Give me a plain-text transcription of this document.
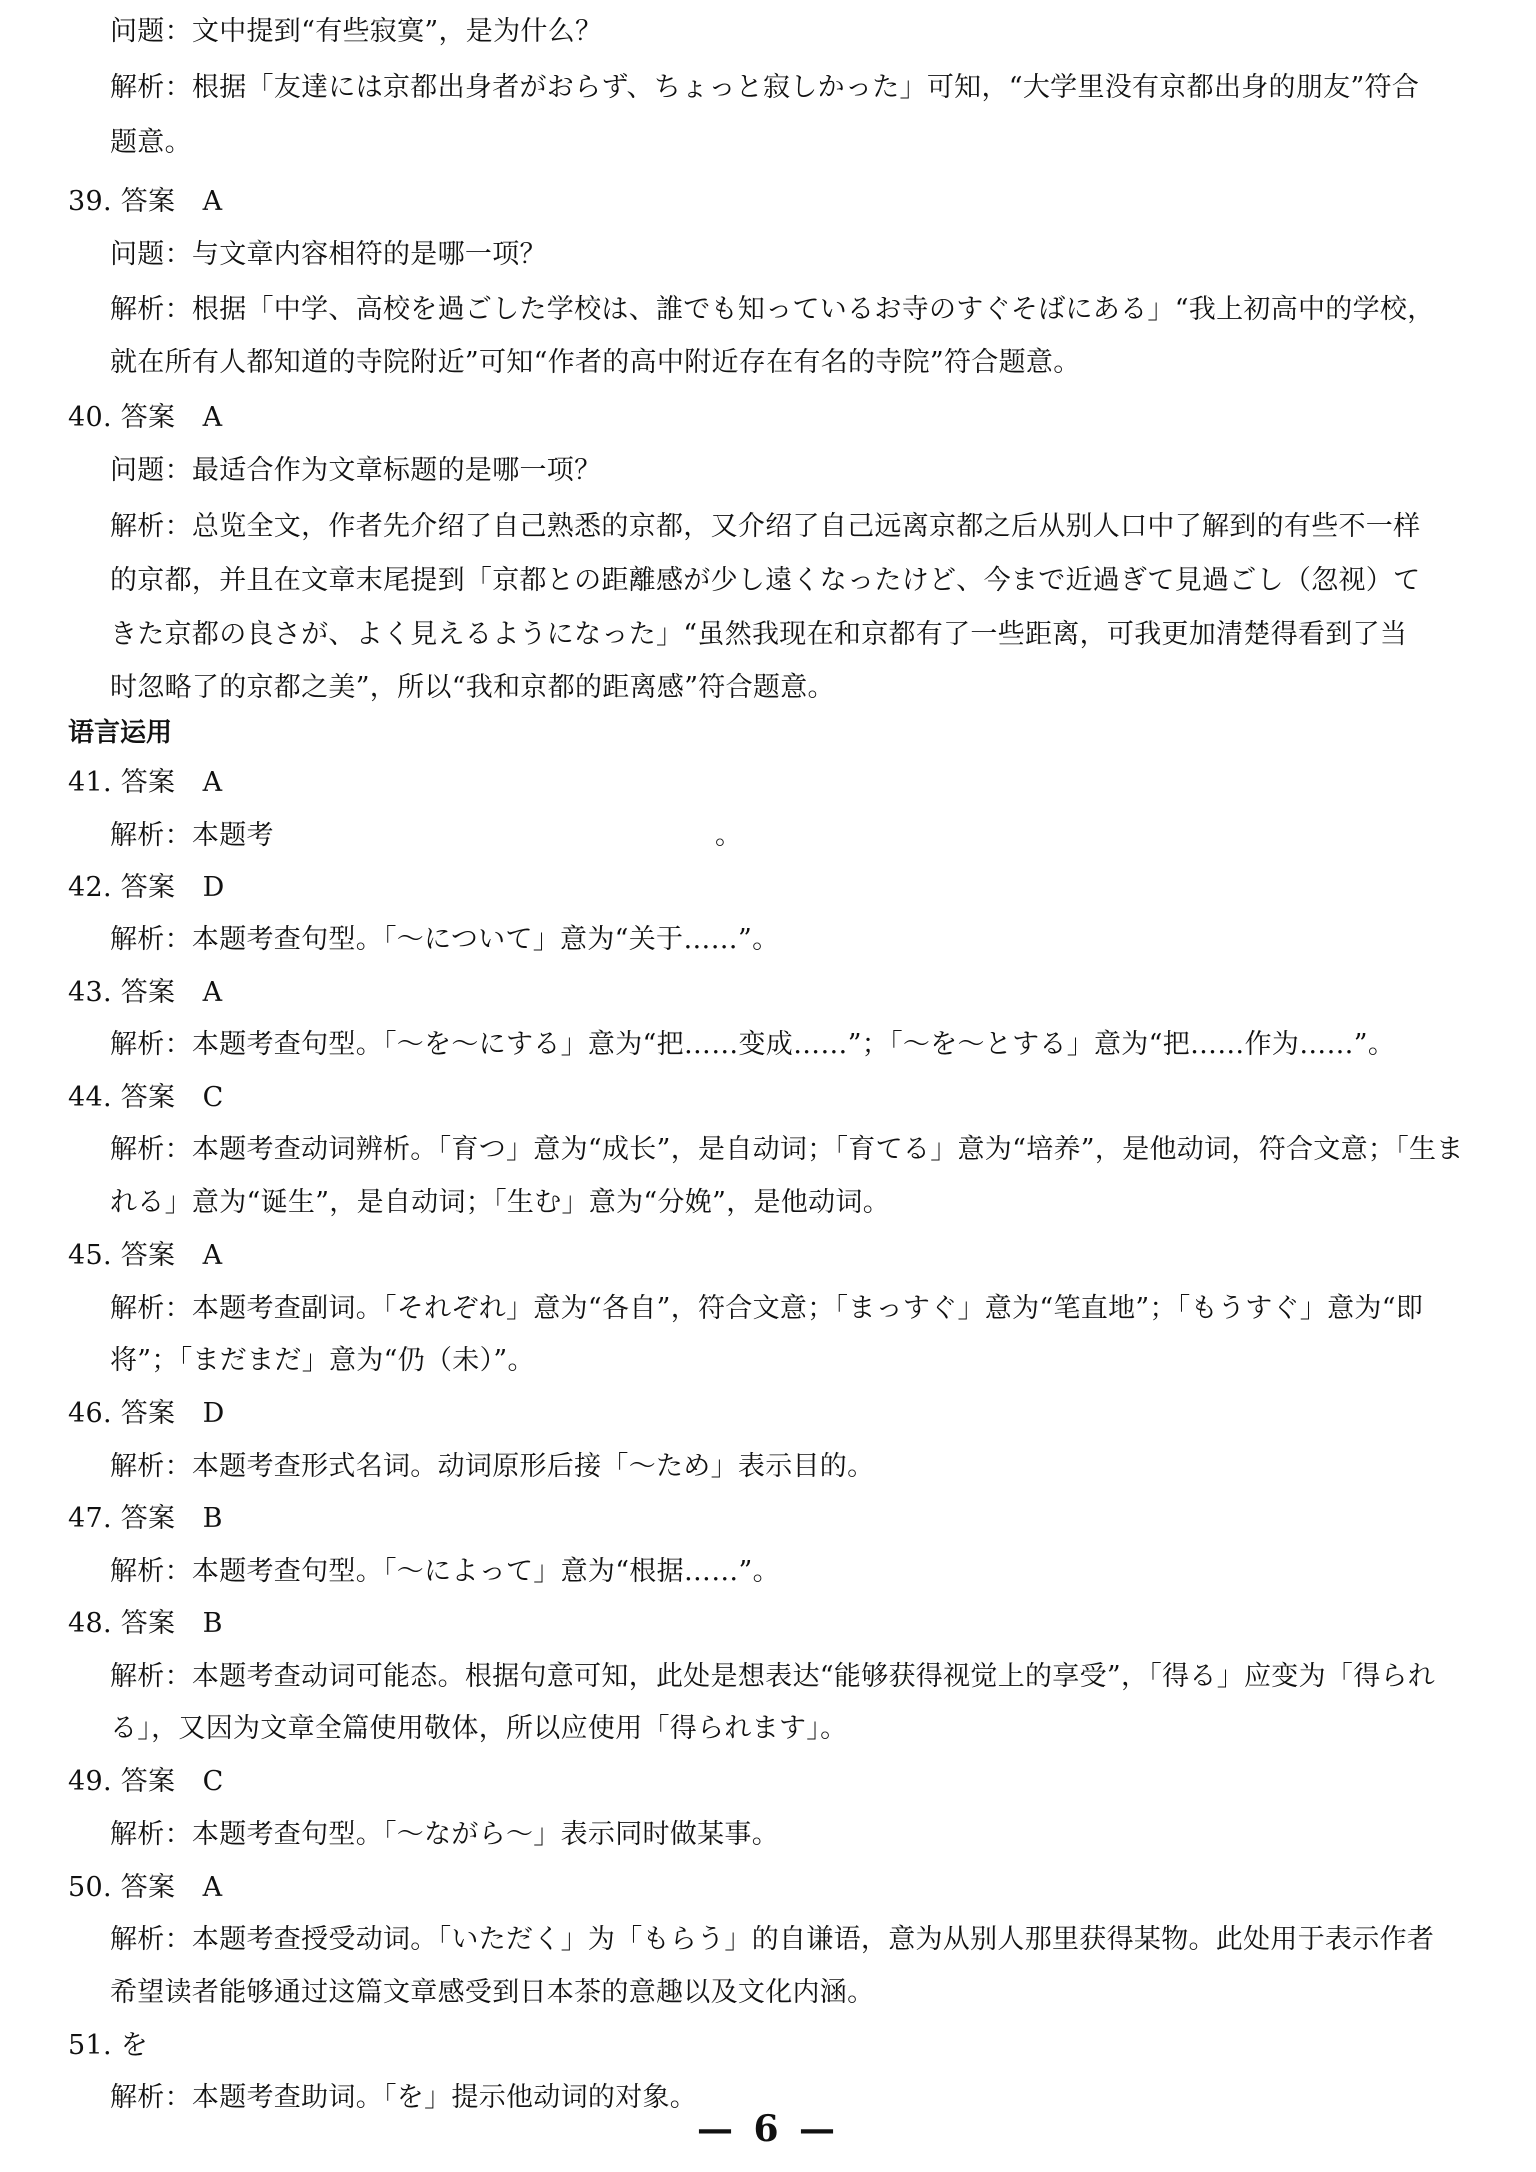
问题：文中提到“有些寂寞”，是为什么？
解析：根据「友達には京都出身者がおらず、ちょっと寂しかった」可知，“大学里没有京都出身的朋友”符合
题意。
39. 答案　A
问题：与文章内容相符的是哪一项？
解析：根据「中学、高校を過ごした学校は、誰でも知っているお寺のすぐそばにある」“我上初高中的学校，
就在所有人都知道的寺院附近”可知“作者的高中附近存在有名的寺院”符合题意。
40. 答案　A
问题：最适合作为文章标题的是哪一项？
解析：总览全文，作者先介绍了自己熟悉的京都，又介绍了自己远离京都之后从别人口中了解到的有些不一样
的京都，并且在文章末尾提到「京都との距離感が少し遠くなったけど、今まで近過ぎて見過ごし（忽视）て
きた京都の良さが、よく見えるようになった」“虽然我现在和京都有了一些距离，可我更加清楚得看到了当
时忽略了的京都之美”，所以“我和京都的距离感”符合题意。
语言运用
41. 答案　A
解析：本题考	。
42. 答案　D
解析：本题考查句型。「～について」意为“关于……”。
43. 答案　A
解析：本题考查句型。「～を～にする」意为“把……变成……”；「～を～とする」意为“把……作为……”。
44. 答案　C
解析：本题考查动词辨析。「育つ」意为“成长”，是自动词；「育てる」意为“培养”，是他动词，符合文意；「生ま
れる」意为“诞生”，是自动词；「生む」意为“分娩”，是他动词。
45. 答案　A
解析：本题考查副词。「それぞれ」意为“各自”，符合文意；「まっすぐ」意为“笔直地”；「もうすぐ」意为“即
将”；「まだまだ」意为“仍（未）”。
46. 答案　D
解析：本题考查形式名词。动词原形后接「～ため」表示目的。
47. 答案　B
解析：本题考查句型。「～によって」意为“根据……”。
48. 答案　B
解析：本题考查动词可能态。根据句意可知，此处是想表达“能够获得视觉上的享受”，「得る」应变为「得られ
る」，又因为文章全篇使用敬体，所以应使用「得られます」。
49. 答案　C
解析：本题考查句型。「～ながら～」表示同时做某事。
50. 答案　A
解析：本题考查授受动词。「いただく」为「もらう」的自谦语，意为从别人那里获得某物。此处用于表示作者
希望读者能够通过这篇文章感受到日本茶的意趣以及文化内涵。
51. を
解析：本题考查助词。「を」提示他动词的对象。
— 6 —
